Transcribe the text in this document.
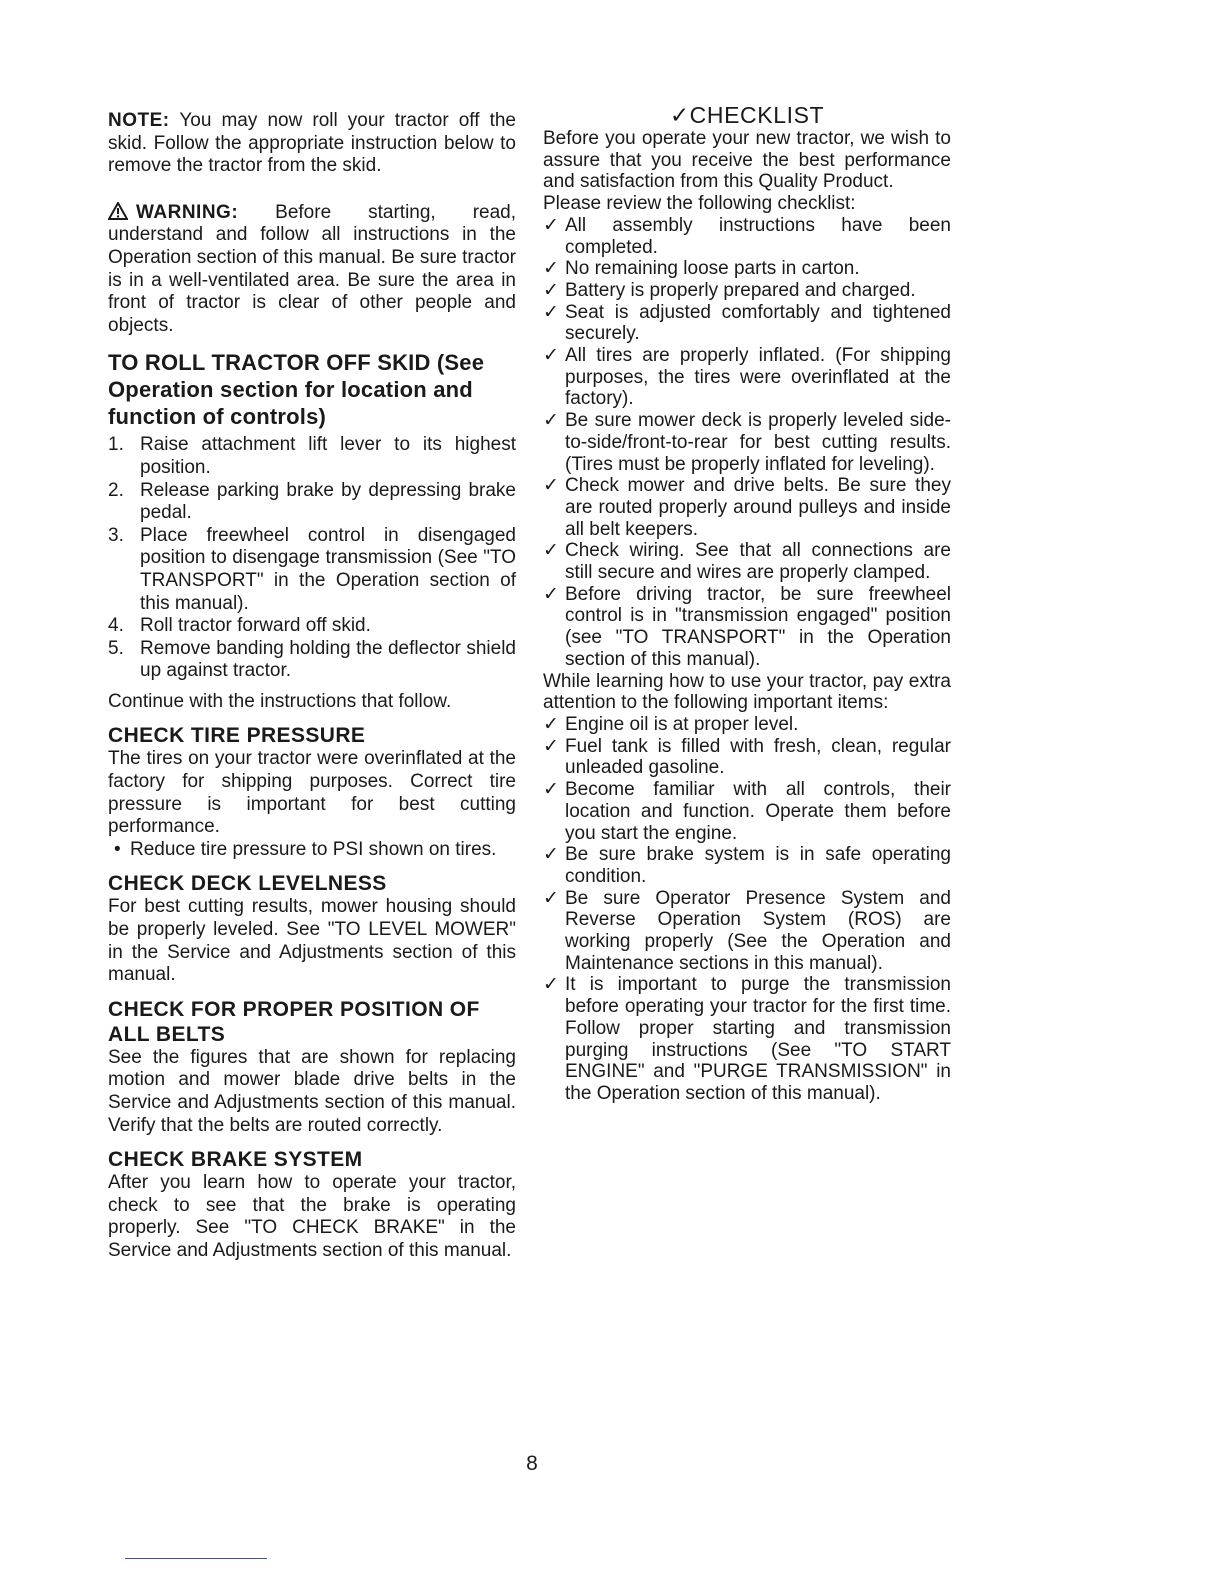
NOTE: You may now roll your tractor off the skid. Follow the appropriate instruction below to remove the tractor from the skid.

WARNING: Before starting, read, understand and follow all instructions in the Operation section of this manual. Be sure tractor is in a well-ventilated area. Be sure the area in front of tractor is clear of other people and objects.

TO ROLL TRACTOR OFF SKID (See Operation section for location and function of controls)
1. Raise attachment lift lever to its highest position.
2. Release parking brake by depressing brake pedal.
3. Place freewheel control in disengaged position to disengage transmission (See "TO TRANSPORT" in the Operation section of this manual).
4. Roll tractor forward off skid.
5. Remove banding holding the deflector shield up against tractor.

Continue with the instructions that follow.

CHECK TIRE PRESSURE

The tires on your tractor were overinflated at the factory for shipping purposes. Correct tire pressure is important for best cutting performance.

• Reduce tire pressure to PSI shown on tires.
CHECK DECK LEVELNESS

For best cutting results, mower housing should be properly leveled. See "TO LEVEL MOWER" in the Service and Adjustments section of this manual.

CHECK FOR PROPER POSITION OF ALL BELTS

See the figures that are shown for replacing motion and mower blade drive belts in the Service and Adjustments section of this manual. Verify that the belts are routed correctly.

CHECK BRAKE SYSTEM

After you learn how to operate your tractor, check to see that the brake is operating properly. See "TO CHECK BRAKE" in the Service and Adjustments section of this manual.

✓CHECKLIST

Before you operate your new tractor, we wish to assure that you receive the best performance and satisfaction from this Quality Product.

Please review the following checklist:

✓ All assembly instructions have been completed.
✓ No remaining loose parts in carton.
✓ Battery is properly prepared and charged.
✓ Seat is adjusted comfortably and tightened securely.
✓ All tires are properly inflated. (For shipping purposes, the tires were overinflated at the factory).
✓ Be sure mower deck is properly leveled side-to-side/front-to-rear for best cutting results. (Tires must be properly inflated for leveling).
✓ Check mower and drive belts. Be sure they are routed properly around pulleys and inside all belt keepers.
✓ Check wiring. See that all connections are still secure and wires are properly clamped.
✓ Before driving tractor, be sure freewheel control is in "transmission engaged" position (see "TO TRANSPORT" in the Operation section of this manual).

While learning how to use your tractor, pay extra attention to the following important items:

✓ Engine oil is at proper level.
✓ Fuel tank is filled with fresh, clean, regular unleaded gasoline.
✓ Become familiar with all controls, their location and function. Operate them before you start the engine.
✓ Be sure brake system is in safe operating condition.
✓ Be sure Operator Presence System and Reverse Operation System (ROS) are working properly (See the Operation and Maintenance sections in this manual).
✓ It is important to purge the transmission before operating your tractor for the first time. Follow proper starting and transmission purging instructions (See "TO START ENGINE" and "PURGE TRANSMISSION" in the Operation section of this manual).
8
